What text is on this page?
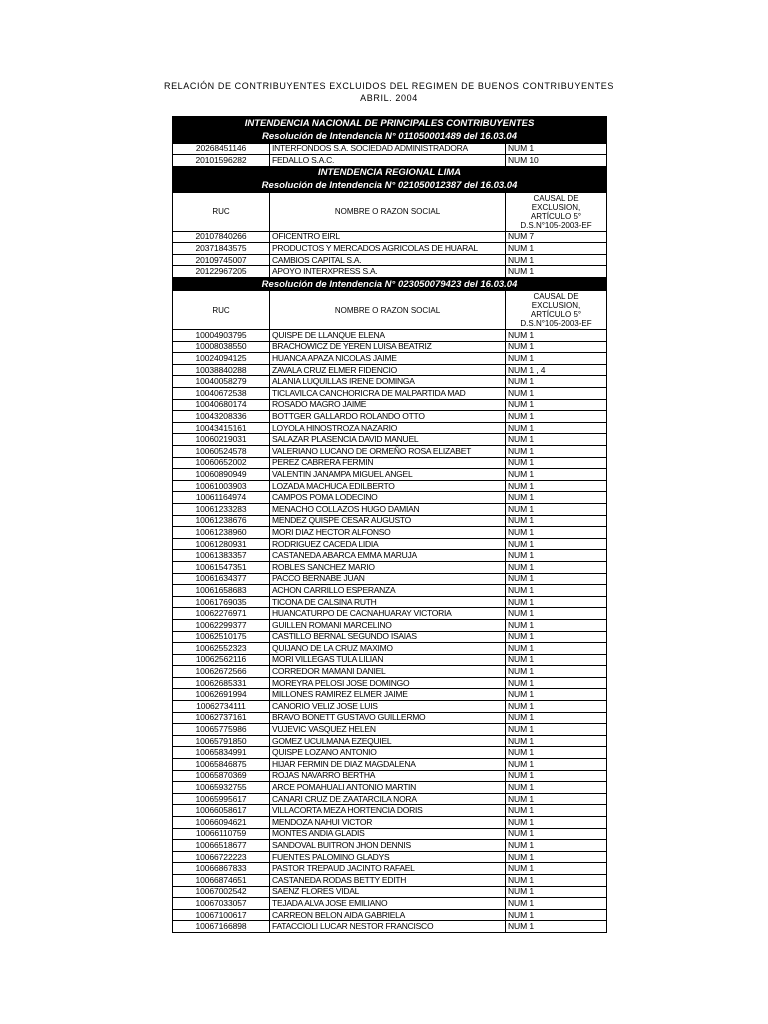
RELACIÓN DE CONTRIBUYENTES EXCLUIDOS DEL REGIMEN DE BUENOS CONTRIBUYENTES
ABRIL. 2004
INTENDENCIA NACIONAL DE PRINCIPALES CONTRIBUYENTES		
Resolución de Intendencia N° 011050001489 del 16.03.04		
20268451146	INTERFONDOS S.A. SOCIEDAD ADMINISTRADORA	NUM 1
20101596282	FEDALLO S.A.C.	NUM 10
INTENDENCIA REGIONAL LIMA		
Resolución de Intendencia N° 021050012387 del 16.03.04		
RUC	NOMBRE O RAZON SOCIAL	CAUSAL DE
EXCLUSION,
ARTÍCULO 5°
D.S.N°105-2003-EF

20107840266	OFICENTRO EIRL	NUM 7
20371843575	PRODUCTOS Y MERCADOS AGRICOLAS DE HUARAL	NUM 1
20109745007	CAMBIOS CAPITAL S.A.	NUM 1
20122967205	APOYO INTERXPRESS S.A.	NUM 1
Resolución de Intendencia N° 023050079423 del 16.03.04		
RUC	NOMBRE O RAZON SOCIAL	CAUSAL DE
EXCLUSION,
ARTÍCULO 5°
D.S.N°105-2003-EF

10004903795	QUISPE DE LLANQUE ELENA	NUM 1
10008038550	BRACHOWICZ DE YEREN LUISA BEATRIZ	NUM 1
10024094125	HUANCA APAZA NICOLAS JAIME	NUM 1
10038840288	ZAVALA CRUZ ELMER FIDENCIO	NUM 1 , 4
10040058279	ALANIA LUQUILLAS IRENE DOMINGA	NUM 1
10040672538	TICLAVILCA CANCHORICRA DE MALPARTIDA MAD	NUM 1
10040680174	ROSADO MAGRO JAIME	NUM 1
10043208336	BOTTGER GALLARDO ROLANDO OTTO	NUM 1
10043415161	LOYOLA HINOSTROZA NAZARIO	NUM 1
10060219031	SALAZAR PLASENCIA DAVID MANUEL	NUM 1
10060524578	VALERIANO LUCANO DE ORMEÑO ROSA ELIZABET	NUM 1
10060652002	PEREZ CABRERA FERMIN	NUM 1
10060890949	VALENTIN JANAMPA MIGUEL ANGEL	NUM 1
10061003903	LOZADA MACHUCA EDILBERTO	NUM 1
10061164974	CAMPOS POMA LODECINO	NUM 1
10061233283	MENACHO COLLAZOS HUGO DAMIAN	NUM 1
10061238676	MENDEZ QUISPE CESAR AUGUSTO	NUM 1
10061238960	MORI DIAZ HECTOR ALFONSO	NUM 1
10061280931	RODRIGUEZ CACEDA LIDIA	NUM 1
10061383357	CASTANEDA ABARCA EMMA MARUJA	NUM 1
10061547351	ROBLES SANCHEZ MARIO	NUM 1
10061634377	PACCO BERNABE JUAN	NUM 1
10061658683	ACHON CARRILLO ESPERANZA	NUM 1
10061769035	TICONA DE CALSINA RUTH	NUM 1
10062276971	HUANCATURPO DE CACNAHUARAY VICTORIA	NUM 1
10062299377	GUILLEN ROMANI MARCELINO	NUM 1
10062510175	CASTILLO BERNAL SEGUNDO ISAIAS	NUM 1
10062552323	QUIJANO DE LA CRUZ MAXIMO	NUM 1
10062562116	MORI VILLEGAS TULA LILIAN	NUM 1
10062672566	CORREDOR MAMANI DANIEL	NUM 1
10062685331	MOREYRA PELOSI JOSE DOMINGO	NUM 1
10062691994	MILLONES RAMIREZ ELMER JAIME	NUM 1
10062734111	CANORIO VELIZ JOSE LUIS	NUM 1
10062737161	BRAVO BONETT GUSTAVO GUILLERMO	NUM 1
10065775986	VUJEVIC VASQUEZ HELEN	NUM 1
10065791850	GOMEZ UCULMANA EZEQUIEL	NUM 1
10065834991	QUISPE LOZANO ANTONIO	NUM 1
10065846875	HIJAR FERMIN DE DIAZ MAGDALENA	NUM 1
10065870369	ROJAS NAVARRO BERTHA	NUM 1
10065932755	ARCE POMAHUALI ANTONIO MARTIN	NUM 1
10065995617	CANARI CRUZ DE ZAATARCILA NORA	NUM 1
10066058617	VILLACORTA MEZA HORTENCIA DORIS	NUM 1
10066094621	MENDOZA NAHUI VICTOR	NUM 1
10066110759	MONTES ANDIA GLADIS	NUM 1
10066518677	SANDOVAL BUITRON JHON DENNIS	NUM 1
10066722223	FUENTES PALOMINO GLADYS	NUM 1
10066867833	PASTOR TREPAUD JACINTO RAFAEL	NUM 1
10066874651	CASTANEDA RODAS BETTY EDITH	NUM 1
10067002542	SAENZ FLORES VIDAL	NUM 1
10067033057	TEJADA ALVA JOSE EMILIANO	NUM 1
10067100617	CARREON BELON AIDA GABRIELA	NUM 1
10067166898	FATACCIOLI LUCAR NESTOR FRANCISCO	NUM 1
